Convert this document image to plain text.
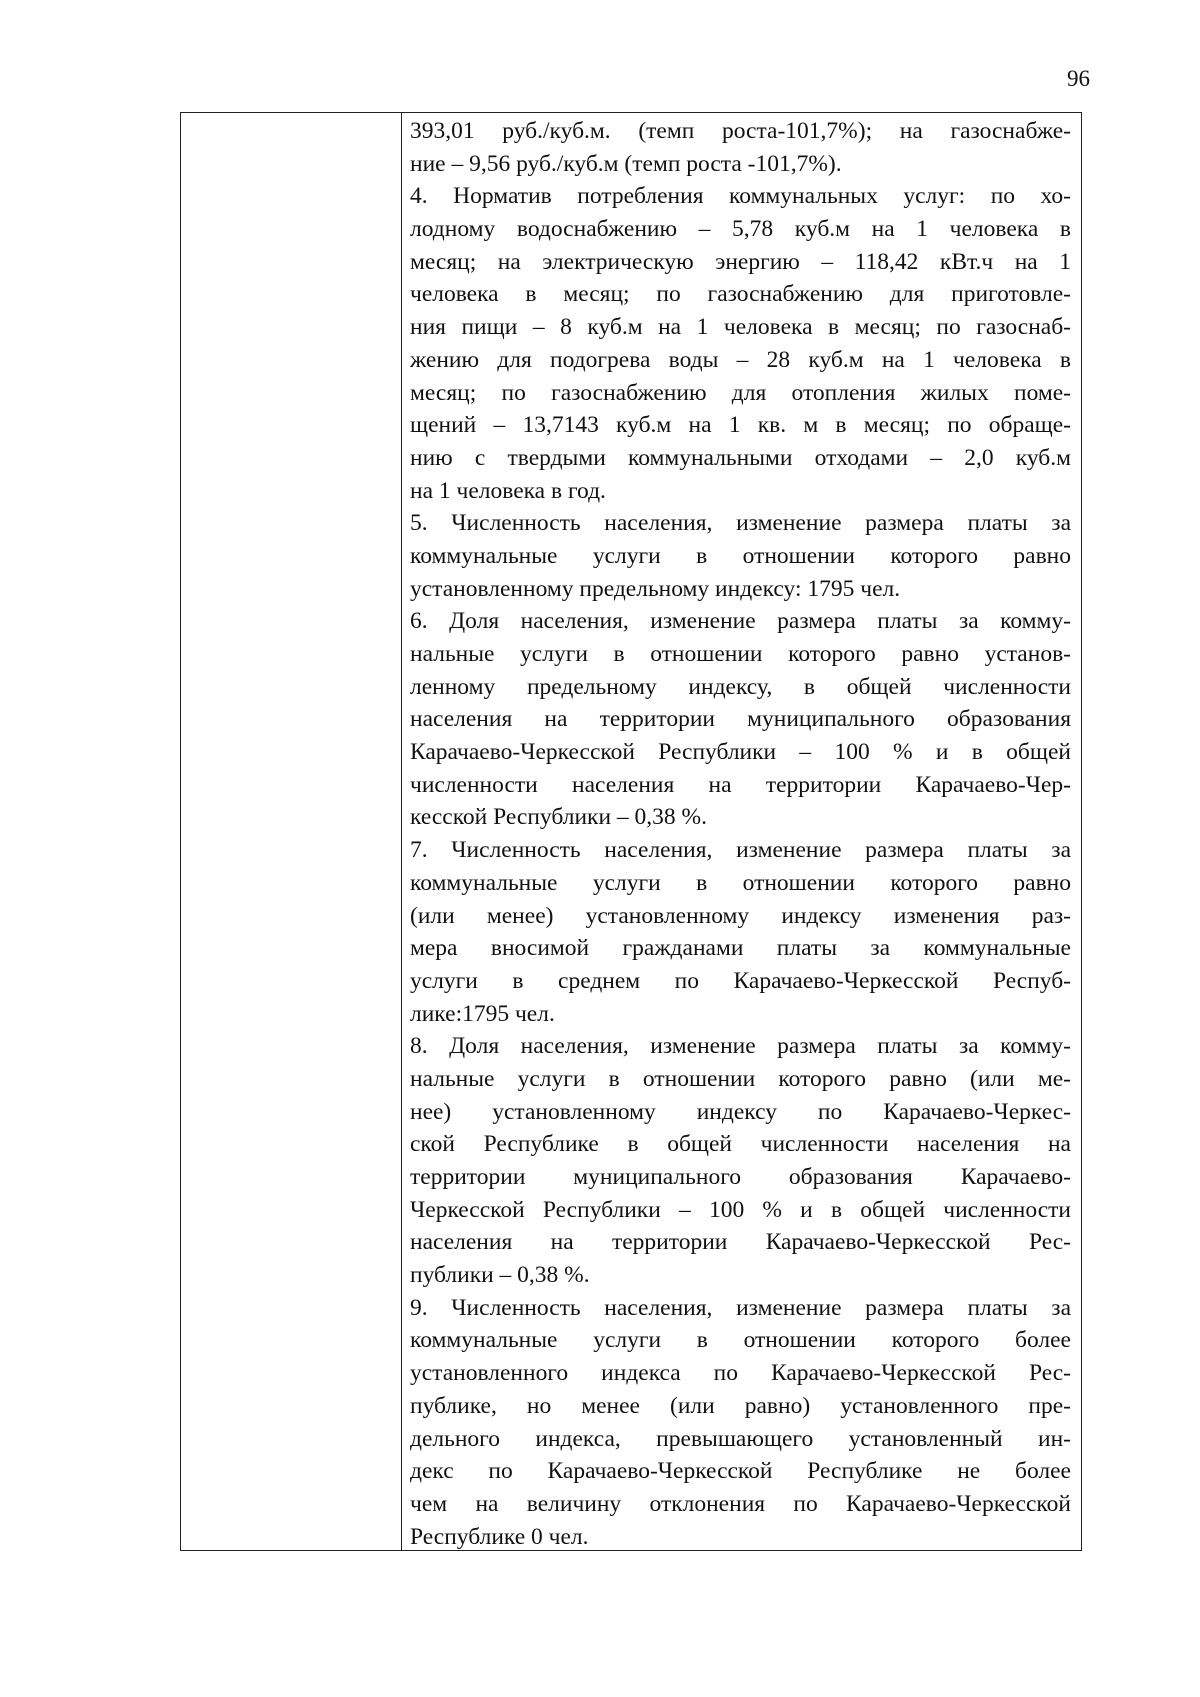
96
393,01 руб./куб.м. (темп роста-101,7%); на газоснабже-
ние – 9,56 руб./куб.м (темп роста -101,7%).
4. Норматив потребления коммунальных услуг: по хо-
лодному водоснабжению – 5,78 куб.м на 1 человека в
месяц; на электрическую энергию – 118,42 кВт.ч на 1
человека в месяц; по газоснабжению для приготовле-
ния пищи – 8 куб.м на 1 человека в месяц; по газоснаб-
жению для подогрева воды – 28 куб.м на 1 человека в
месяц; по газоснабжению для отопления жилых поме-
щений – 13,7143 куб.м на 1 кв. м в месяц; по обраще-
нию с твердыми коммунальными отходами – 2,0 куб.м
на 1 человека в год.
5. Численность населения, изменение размера платы за
коммунальные услуги в отношении которого равно
установленному предельному индексу: 1795 чел.
6. Доля населения, изменение размера платы за комму-
нальные услуги в отношении которого равно установ-
ленному предельному индексу, в общей численности
населения на территории муниципального образования
Карачаево-Черкесской Республики – 100 % и в общей
численности населения на территории Карачаево-Чер-
кесской Республики – 0,38 %.
7. Численность населения, изменение размера платы за
коммунальные услуги в отношении которого равно
(или менее) установленному индексу изменения раз-
мера вносимой гражданами платы за коммунальные
услуги в среднем по Карачаево-Черкесской Респуб-
лике:1795 чел.
8. Доля населения, изменение размера платы за комму-
нальные услуги в отношении которого равно (или ме-
нее) установленному индексу по Карачаево-Черкес-
ской Республике в общей численности населения на
территории муниципального образования Карачаево-
Черкесской Республики – 100 % и в общей численности
населения на территории Карачаево-Черкесской Рес-
публики – 0,38 %.
9. Численность населения, изменение размера платы за
коммунальные услуги в отношении которого более
установленного индекса по Карачаево-Черкесской Рес-
публике, но менее (или равно) установленного пре-
дельного индекса, превышающего установленный ин-
декс по Карачаево-Черкесской Республике не более
чем на величину отклонения по Карачаево-Черкесской
Республике 0 чел.
